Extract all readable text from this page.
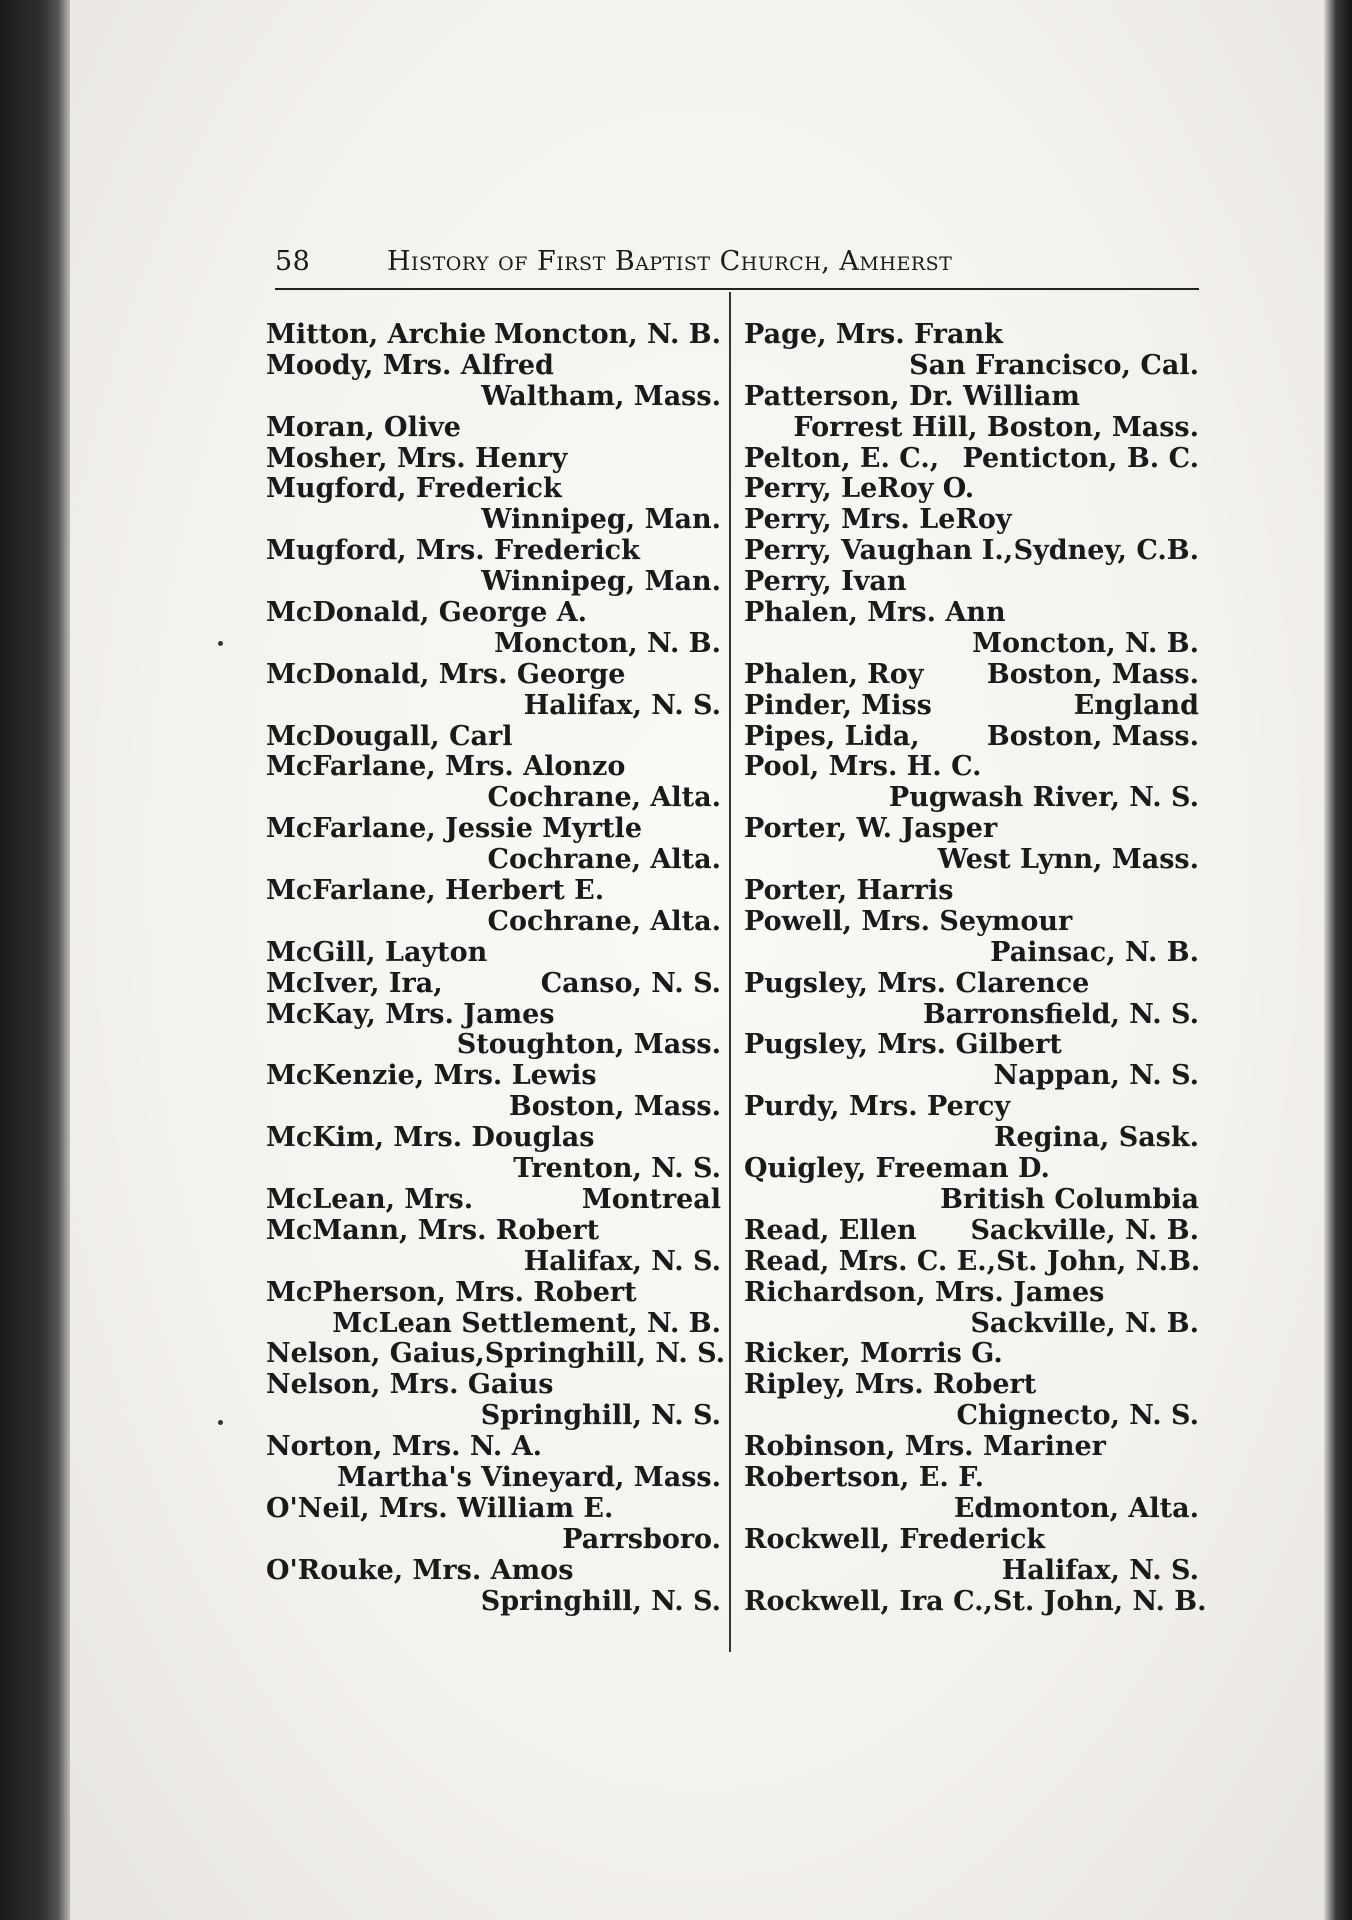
58	History of First Baptist Church, Amherst
Mitton, Archie Moncton, N. B.
Moody, Mrs. Alfred
Waltham, Mass.
Moran, Olive
Mosher, Mrs. Henry
Mugford, Frederick
Winnipeg, Man.
Mugford, Mrs. Frederick
Winnipeg, Man.
McDonald, George A.
Moncton, N. B.
McDonald, Mrs. George
Halifax, N. S.
McDougall, Carl
McFarlane, Mrs. Alonzo
Cochrane, Alta.
McFarlane, Jessie Myrtle
Cochrane, Alta.
McFarlane, Herbert E.
Cochrane, Alta.
McGill, Layton
McIver, Ira,	Canso, N. S.
McKay, Mrs. James
Stoughton, Mass.
McKenzie, Mrs. Lewis
Boston, Mass.
McKim, Mrs. Douglas
Trenton, N. S.
McLean, Mrs.	Montreal
McMann, Mrs. Robert
Halifax, N. S.
McPherson, Mrs. Robert
McLean Settlement, N. B.
Nelson, Gaius, Springhill, N. S.
Nelson, Mrs. Gaius
Springhill, N. S.
Norton, Mrs. N. A.
Martha's Vineyard, Mass.
O'Neil, Mrs. William E.
Parrsboro.
O'Rouke, Mrs. Amos
Springhill, N. S.
Page, Mrs. Frank
San Francisco, Cal.
Patterson, Dr. William
Forrest Hill, Boston, Mass.
Pelton, E. C., Penticton, B. C.
Perry, LeRoy O.
Perry, Mrs. LeRoy
Perry, Vaughan I., Sydney, C.B.
Perry, Ivan
Phalen, Mrs. Ann
Moncton, N. B.
Phalen, Roy Boston, Mass.
Pinder, Miss	England
Pipes, Lida, Boston, Mass.
Pool, Mrs. H. C.
Pugwash River, N. S.
Porter, W. Jasper
West Lynn, Mass.
Porter, Harris
Powell, Mrs. Seymour
Painsac, N. B.
Pugsley, Mrs. Clarence
Barronsfield, N. S.
Pugsley, Mrs. Gilbert
Nappan, N. S.
Purdy, Mrs. Percy
Regina, Sask.
Quigley, Freeman D.
British Columbia
Read, Ellen Sackville, N. B.
Read, Mrs. C. E., St. John, N.B.
Richardson, Mrs. James
Sackville, N. B.
Ricker, Morris G.
Ripley, Mrs. Robert
Chignecto, N. S.
Robinson, Mrs. Mariner
Robertson, E. F.
Edmonton, Alta.
Rockwell, Frederick
Halifax, N. S.
Rockwell, Ira C., St. John, N. B.
